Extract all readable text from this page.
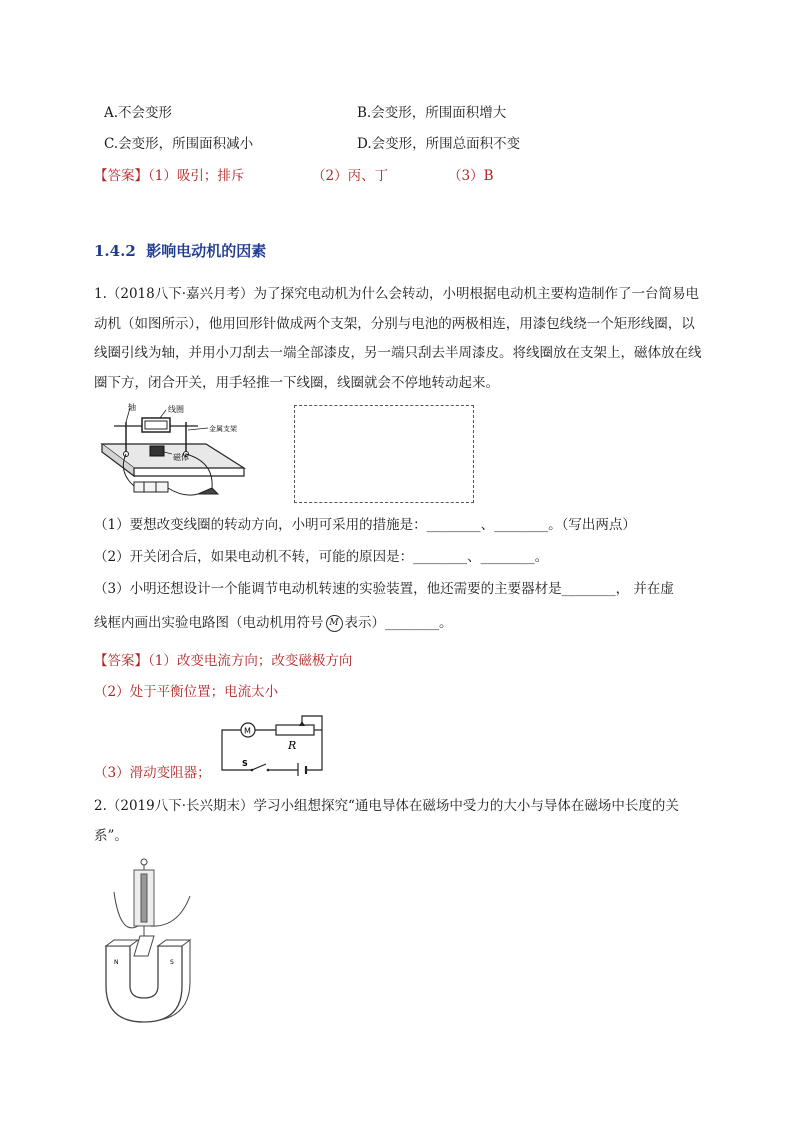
A.不会变形	B.会变形，所围面积增大
C.会变形，所围面积减小	D.会变形，所围总面积不变
【答案】（1）吸引；排斥	（2）丙、丁	（3）B
1.4.2 影响电动机的因素
1.（2018八下·嘉兴月考）为了探究电动机为什么会转动，小明根据电动机主要构造制作了一台简易电动机（如图所示），他用回形针做成两个支架，分别与电池的两极相连，用漆包线绕一个矩形线圈，以线圈引线为轴，并用小刀刮去一端全部漆皮，另一端只刮去半周漆皮。将线圈放在支架上，磁体放在线圈下方，闭合开关，用手轻推一下线圈，线圈就会不停地转动起来。
轴	线圈
金属支架
磁体
（1）要想改变线圈的转动方向，小明可采用的措施是：________、________。（写出两点）
（2）开关闭合后，如果电动机不转，可能的原因是：________、________。
（3）小明还想设计一个能调节电动机转速的实验装置，他还需要的主要器材是________， 并在虚
线框内画出实验电路图（电动机用符号 M 表示）________。
【答案】（1）改变电流方向；改变磁极方向
（2）处于平衡位置；电流太小
（3）滑动变阻器；
M
R
S
2.（2019八下·长兴期末）学习小组想探究“通电导体在磁场中受力的大小与导体在磁场中长度的关系”。
N	S
